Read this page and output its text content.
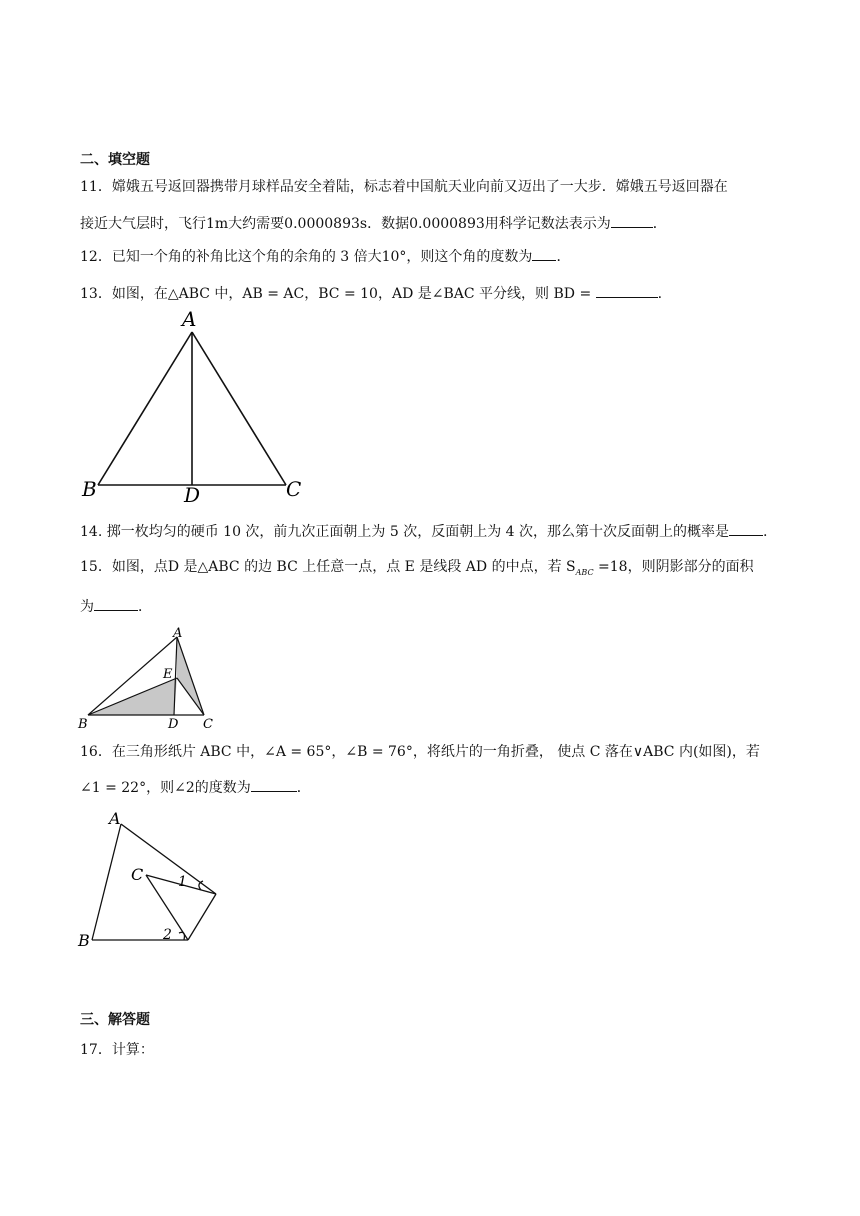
二、填空题
11．嫦娥五号返回器携带月球样品安全着陆，标志着中国航天业向前又迈出了一大步．嫦娥五号返回器在
接近大气层时，飞行1m大约需要0.0000893s．数据0.0000893用科学记数法表示为	．
12．已知一个角的补角比这个角的余角的 3 倍大10°，则这个角的度数为 ．
13．如图，在△ABC 中，AB = AC，BC = 10，AD 是∠BAC 平分线，则 BD =	.
A
B	C
D
14. 掷一枚均匀的硬币 10 次，前九次正面朝上为 5 次，反面朝上为 4 次，那么第十次反面朝上的概率是 .
15．如图，点D 是△ABC 的边 BC 上任意一点，点 E 是线段 AD 的中点，若 $S_{ABC} =18$，则阴影部分的面积
为	．
A
B	C
D
E
16．在三角形纸片 ABC 中，∠A = 65°，∠B = 76°，将纸片的一角折叠， 使点 C 落在∨ABC 内(如图)，若
∠1 = 22°，则∠2的度数为	．
A
B
C 1
2
三、解答题
17．计算：
